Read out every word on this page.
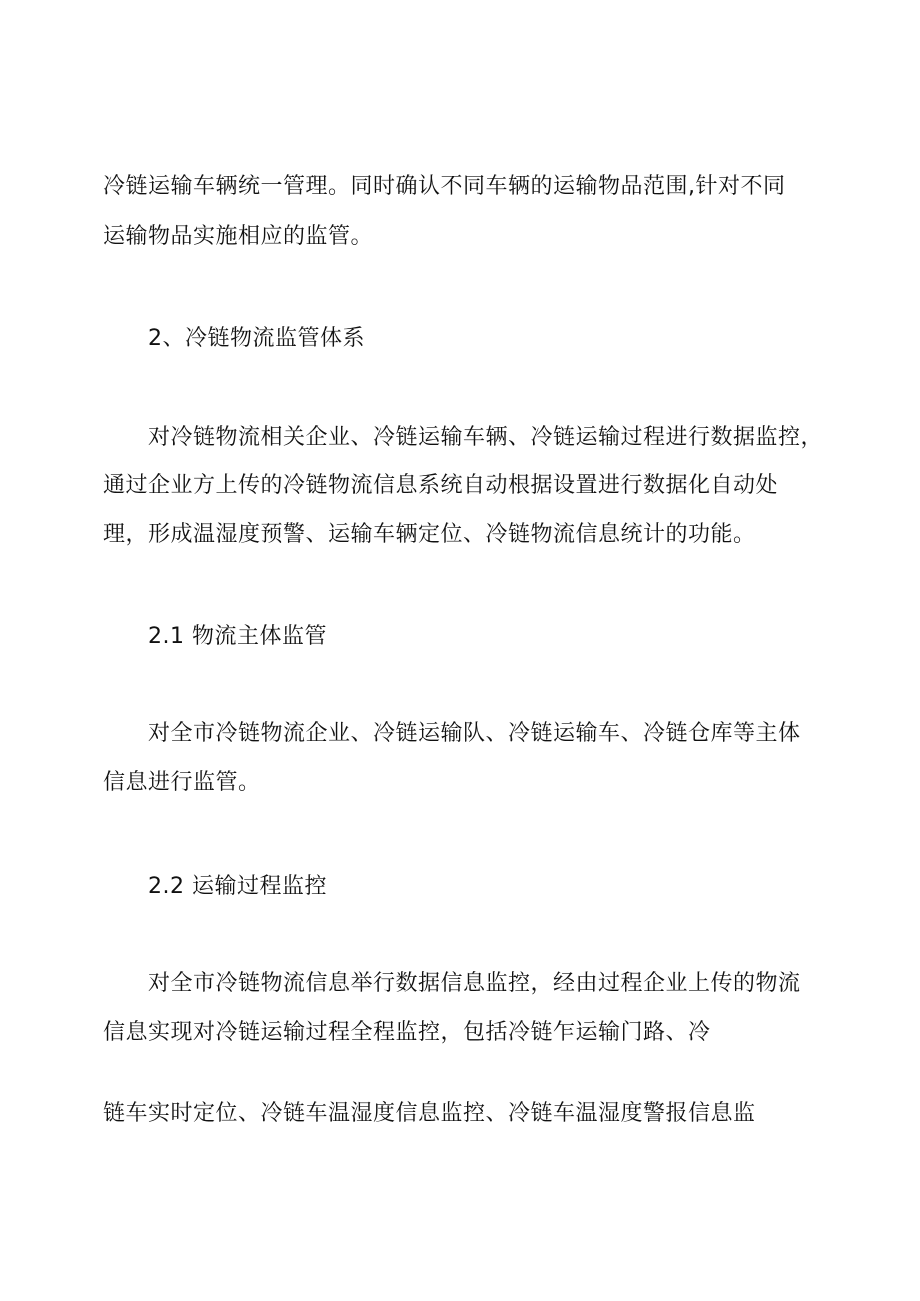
冷链运输车辆统一管理。同时确认不同车辆的运输物品范围,针对不同
运输物品实施相应的监管。
2、冷链物流监管体系
对冷链物流相关企业、冷链运输车辆、冷链运输过程进行数据监控，
通过企业方上传的冷链物流信息系统自动根据设置进行数据化自动处
理，形成温湿度预警、运输车辆定位、冷链物流信息统计的功能。
2.1 物流主体监管
对全市冷链物流企业、冷链运输队、冷链运输车、冷链仓库等主体
信息进行监管。
2.2 运输过程监控
对全市冷链物流信息举行数据信息监控，经由过程企业上传的物流
信息实现对冷链运输过程全程监控，包括冷链乍运输门路、冷
链车实时定位、冷链车温湿度信息监控、冷链车温湿度警报信息监
